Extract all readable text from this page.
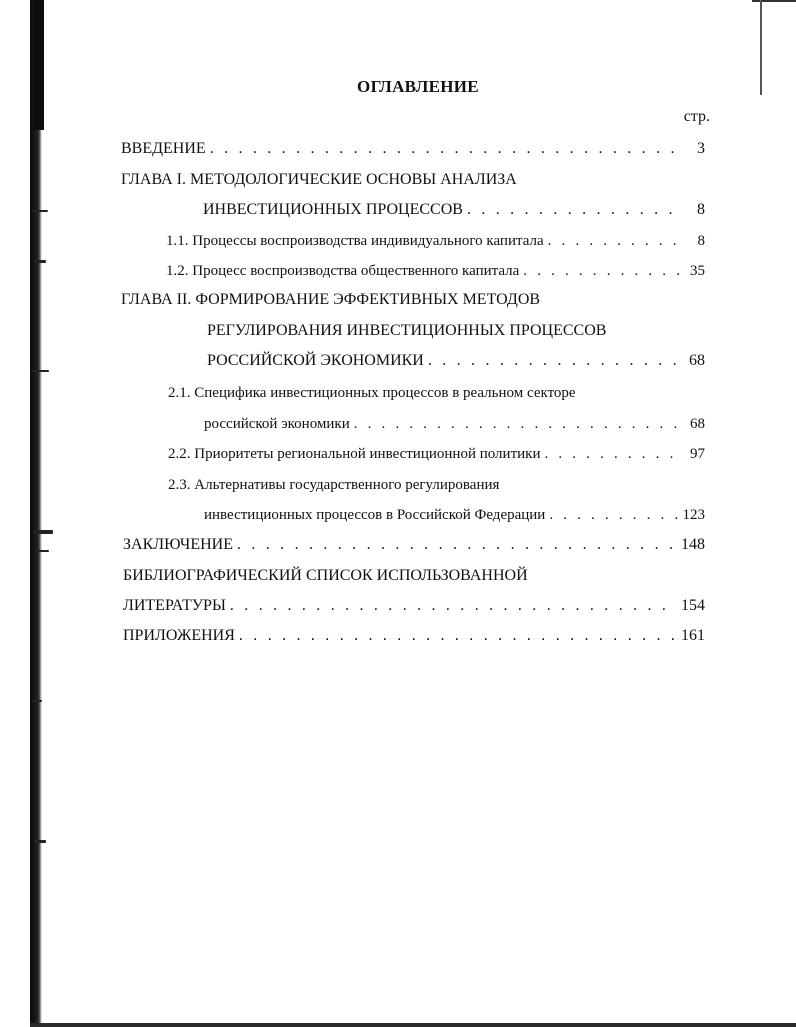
ОГЛАВЛЕНИЕ
стр.
ВВЕДЕНИЕ . . .	3
ГЛАВА I. МЕТОДОЛОГИЧЕСКИЕ ОСНОВЫ АНАЛИЗА
ИНВЕСТИЦИОННЫХ ПРОЦЕССОВ . . .	8
1.1. Процессы воспроизводства индивидуального капитала . . .	8
1.2. Процесс воспроизводства общественного капитала . . .	35
ГЛАВА II. ФОРМИРОВАНИЕ ЭФФЕКТИВНЫХ МЕТОДОВ
РЕГУЛИРОВАНИЯ ИНВЕСТИЦИОННЫХ ПРОЦЕССОВ
РОССИЙСКОЙ ЭКОНОМИКИ . . .	68
2.1. Специфика инвестиционных процессов в реальном секторе
российской экономики . . .	68
2.2. Приоритеты региональной инвестиционной политики . . .	97
2.3. Альтернативы государственного регулирования
инвестиционных процессов в Российской Федерации . . .	123
ЗАКЛЮЧЕНИЕ . . .	148
БИБЛИОГРАФИЧЕСКИЙ СПИСОК ИСПОЛЬЗОВАННОЙ
ЛИТЕРАТУРЫ . . .	154
ПРИЛОЖЕНИЯ . . .	161
